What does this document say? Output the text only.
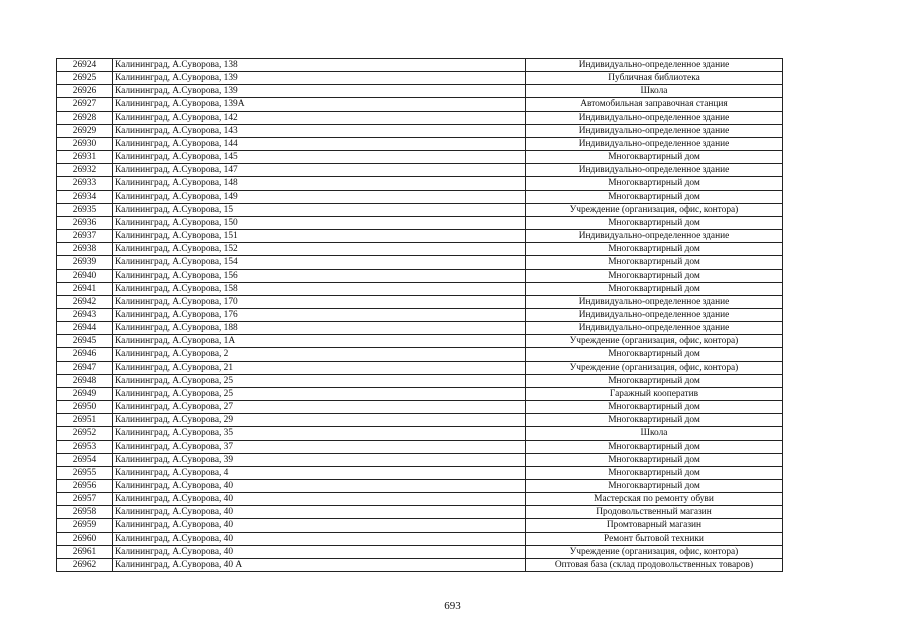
26924	Калининград, А.Суворова, 138	Индивидуально-определенное здание
26925	Калининград, А.Суворова, 139	Публичная библиотека
26926	Калининград, А.Суворова, 139	Школа
26927	Калининград, А.Суворова, 139А	Автомобильная заправочная станция
26928	Калининград, А.Суворова, 142	Индивидуально-определенное здание
26929	Калининград, А.Суворова, 143	Индивидуально-определенное здание
26930	Калининград, А.Суворова, 144	Индивидуально-определенное здание
26931	Калининград, А.Суворова, 145	Многоквартирный дом
26932	Калининград, А.Суворова, 147	Индивидуально-определенное здание
26933	Калининград, А.Суворова, 148	Многоквартирный дом
26934	Калининград, А.Суворова, 149	Многоквартирный дом
26935	Калининград, А.Суворова, 15	Учреждение (организация, офис, контора)
26936	Калининград, А.Суворова, 150	Многоквартирный дом
26937	Калининград, А.Суворова, 151	Индивидуально-определенное здание
26938	Калининград, А.Суворова, 152	Многоквартирный дом
26939	Калининград, А.Суворова, 154	Многоквартирный дом
26940	Калининград, А.Суворова, 156	Многоквартирный дом
26941	Калининград, А.Суворова, 158	Многоквартирный дом
26942	Калининград, А.Суворова, 170	Индивидуально-определенное здание
26943	Калининград, А.Суворова, 176	Индивидуально-определенное здание
26944	Калининград, А.Суворова, 188	Индивидуально-определенное здание
26945	Калининград, А.Суворова, 1А	Учреждение (организация, офис, контора)
26946	Калининград, А.Суворова, 2	Многоквартирный дом
26947	Калининград, А.Суворова, 21	Учреждение (организация, офис, контора)
26948	Калининград, А.Суворова, 25	Многоквартирный дом
26949	Калининград, А.Суворова, 25	Гаражный кооператив
26950	Калининград, А.Суворова, 27	Многоквартирный дом
26951	Калининград, А.Суворова, 29	Многоквартирный дом
26952	Калининград, А.Суворова, 35	Школа
26953	Калининград, А.Суворова, 37	Многоквартирный дом
26954	Калининград, А.Суворова, 39	Многоквартирный дом
26955	Калининград, А.Суворова, 4	Многоквартирный дом
26956	Калининград, А.Суворова, 40	Многоквартирный дом
26957	Калининград, А.Суворова, 40	Мастерская по ремонту обуви
26958	Калининград, А.Суворова, 40	Продовольственный магазин
26959	Калининград, А.Суворова, 40	Промтоварный магазин
26960	Калининград, А.Суворова, 40	Ремонт бытовой техники
26961	Калининград, А.Суворова, 40	Учреждение (организация, офис, контора)
26962	Калининград, А.Суворова, 40 А	Оптовая база (склад продовольственных товаров)
693
